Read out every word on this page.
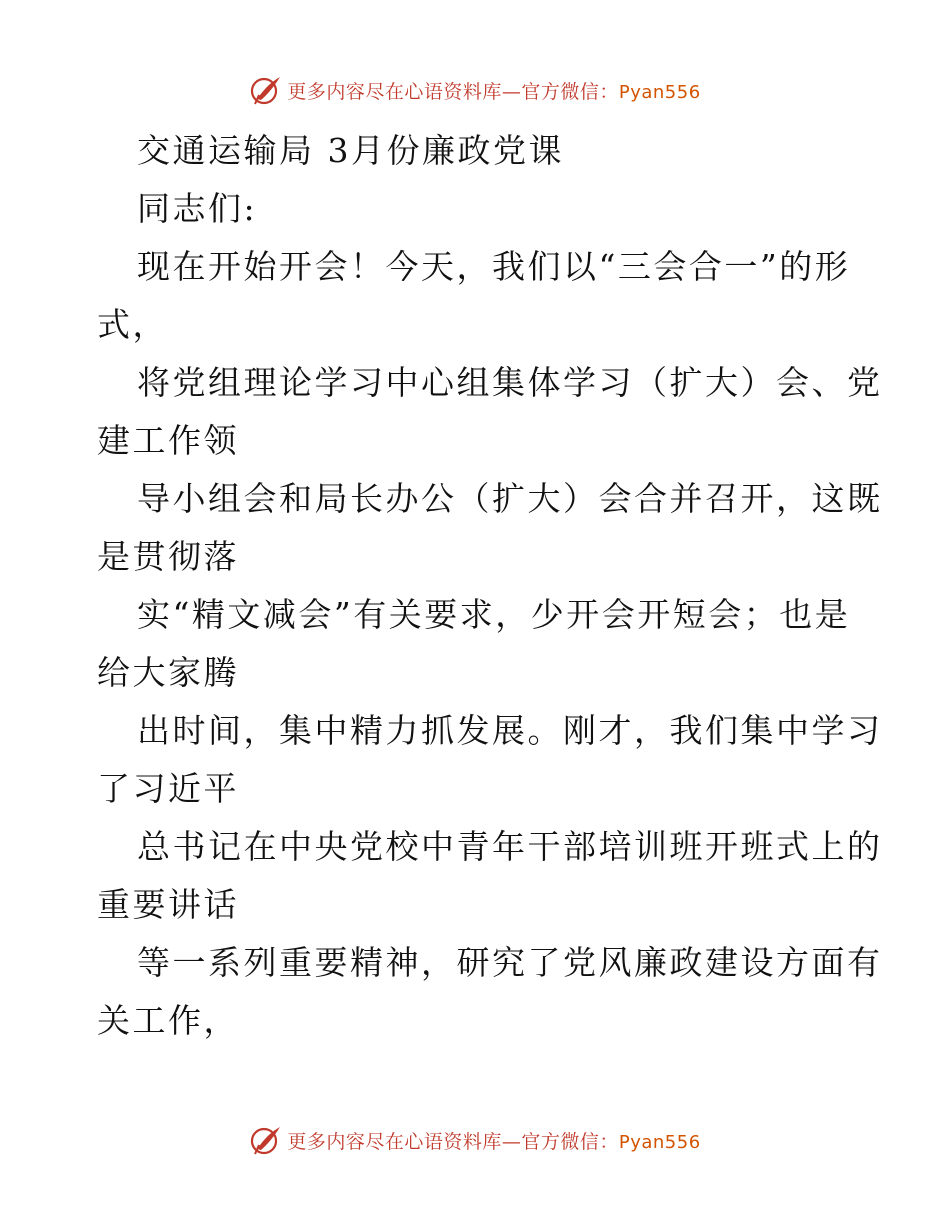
更多内容尽在心语资料库—官方微信：Pyan556
交通运输局 3月份廉政党课
同志们:
现在开始开会！今天，我们以“三会合一”的形
式，
将党组理论学习中心组集体学习（扩大）会、党
建工作领
导小组会和局长办公（扩大）会合并召开，这既
是贯彻落
实“精文减会”有关要求，少开会开短会；也是
给大家腾
出时间，集中精力抓发展。刚才，我们集中学习
了习近平
总书记在中央党校中青年干部培训班开班式上的
重要讲话
等一系列重要精神，研究了党风廉政建设方面有
关工作，
更多内容尽在心语资料库—官方微信：Pyan556
